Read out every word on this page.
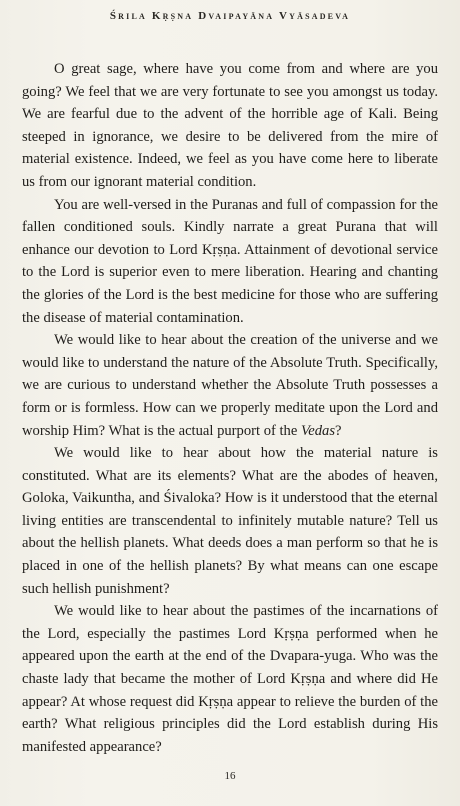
Śrila Kṛṣna Dvaipayāna Vyāsadeva

O great sage, where have you come from and where are you going? We feel that we are very fortunate to see you amongst us today. We are fearful due to the advent of the horrible age of Kali. Being steeped in ignorance, we desire to be delivered from the mire of material existence. Indeed, we feel as you have come here to liberate us from our ignorant material condition.

You are well-versed in the Puranas and full of compassion for the fallen conditioned souls. Kindly narrate a great Purana that will enhance our devotion to Lord Kṛṣṇa. Attainment of devotional service to the Lord is superior even to mere liberation. Hearing and chanting the glories of the Lord is the best medicine for those who are suffering the disease of material contamination.

We would like to hear about the creation of the universe and we would like to understand the nature of the Absolute Truth. Specifically, we are curious to understand whether the Absolute Truth possesses a form or is formless. How can we properly meditate upon the Lord and worship Him? What is the actual purport of the Vedas?

We would like to hear about how the material nature is constituted. What are its elements? What are the abodes of heaven, Goloka, Vaikuntha, and Śivaloka? How is it understood that the eternal living entities are transcendental to infinitely mutable nature? Tell us about the hellish planets. What deeds does a man perform so that he is placed in one of the hellish planets? By what means can one escape such hellish punishment?

We would like to hear about the pastimes of the incarnations of the Lord, especially the pastimes Lord Kṛṣṇa performed when he appeared upon the earth at the end of the Dvapara-yuga. Who was the chaste lady that became the mother of Lord Kṛṣṇa and where did He appear? At whose request did Kṛṣṇa appear to relieve the burden of the earth? What religious principles did the Lord establish during His manifested appearance?

16
